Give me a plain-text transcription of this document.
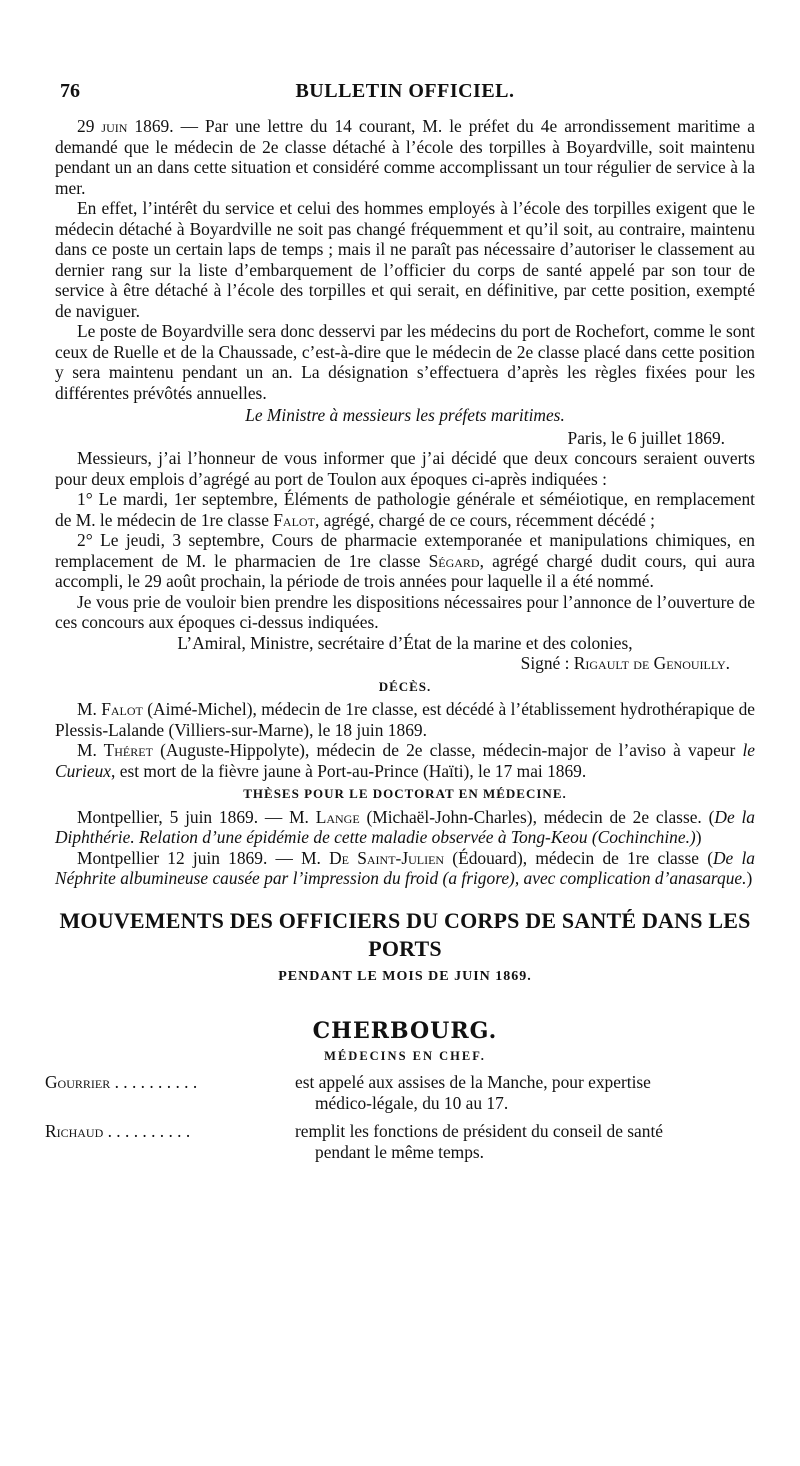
76	BULLETIN OFFICIEL.

29 juin 1869. — Par une lettre du 14 courant, M. le préfet du 4e arrondissement maritime a demandé que le médecin de 2e classe détaché à l’école des torpilles à Boyardville, soit maintenu pendant un an dans cette situation et considéré comme accomplissant un tour régulier de service à la mer.

En effet, l’intérêt du service et celui des hommes employés à l’école des torpilles exigent que le médecin détaché à Boyardville ne soit pas changé fréquemment et qu’il soit, au contraire, maintenu dans ce poste un certain laps de temps ; mais il ne paraît pas nécessaire d’autoriser le classement au dernier rang sur la liste d’embarquement de l’officier du corps de santé appelé par son tour de service à être détaché à l’école des torpilles et qui serait, en définitive, par cette position, exempté de naviguer.

Le poste de Boyardville sera donc desservi par les médecins du port de Rochefort, comme le sont ceux de Ruelle et de la Chaussade, c’est-à-dire que le médecin de 2e classe placé dans cette position y sera maintenu pendant un an. La désignation s’effectuera d’après les règles fixées pour les différentes prévôtés annuelles.

Le Ministre à messieurs les préfets maritimes.

Paris, le 6 juillet 1869.

Messieurs, j’ai l’honneur de vous informer que j’ai décidé que deux concours seraient ouverts pour deux emplois d’agrégé au port de Toulon aux époques ci-après indiquées :

1° Le mardi, 1er septembre, Éléments de pathologie générale et séméiotique, en remplacement de M. le médecin de 1re classe Falot, agrégé, chargé de ce cours, récemment décédé ;

2° Le jeudi, 3 septembre, Cours de pharmacie extemporanée et manipulations chimiques, en remplacement de M. le pharmacien de 1re classe Ségard, agrégé chargé dudit cours, qui aura accompli, le 29 août prochain, la période de trois années pour laquelle il a été nommé.

Je vous prie de vouloir bien prendre les dispositions nécessaires pour l’annonce de l’ouverture de ces concours aux époques ci-dessus indiquées.

L’Amiral, Ministre, secrétaire d’État de la marine et des colonies,

Signé : Rigault de Genouilly.

DÉCÈS.

M. Falot (Aimé-Michel), médecin de 1re classe, est décédé à l’établissement hydrothérapique de Plessis-Lalande (Villiers-sur-Marne), le 18 juin 1869.

M. Théret (Auguste-Hippolyte), médecin de 2e classe, médecin-major de l’aviso à vapeur le Curieux, est mort de la fièvre jaune à Port-au-Prince (Haïti), le 17 mai 1869.

THÈSES POUR LE DOCTORAT EN MÉDECINE.

Montpellier, 5 juin 1869. — M. Lange (Michaël-John-Charles), médecin de 2e classe. (De la Diphthérie. Relation d’une épidémie de cette maladie observée à Tong-Keou (Cochinchine.))

Montpellier 12 juin 1869. — M. De Saint-Julien (Édouard), médecin de 1re classe (De la Néphrite albumineuse causée par l’impression du froid (a frigore), avec complication d’anasarque.)

MOUVEMENTS DES OFFICIERS DU CORPS DE SANTÉ DANS LES PORTS

PENDANT LE MOIS DE JUIN 1869.

CHERBOURG.

MÉDECINS EN CHEF.

Gourrier . . . . . . . . . .	est appelé aux assises de la Manche, pour expertise
médico-légale, du 10 au 17.
Richaud . . . . . . . . . .	remplit les fonctions de président du conseil de santé
pendant le même temps.
